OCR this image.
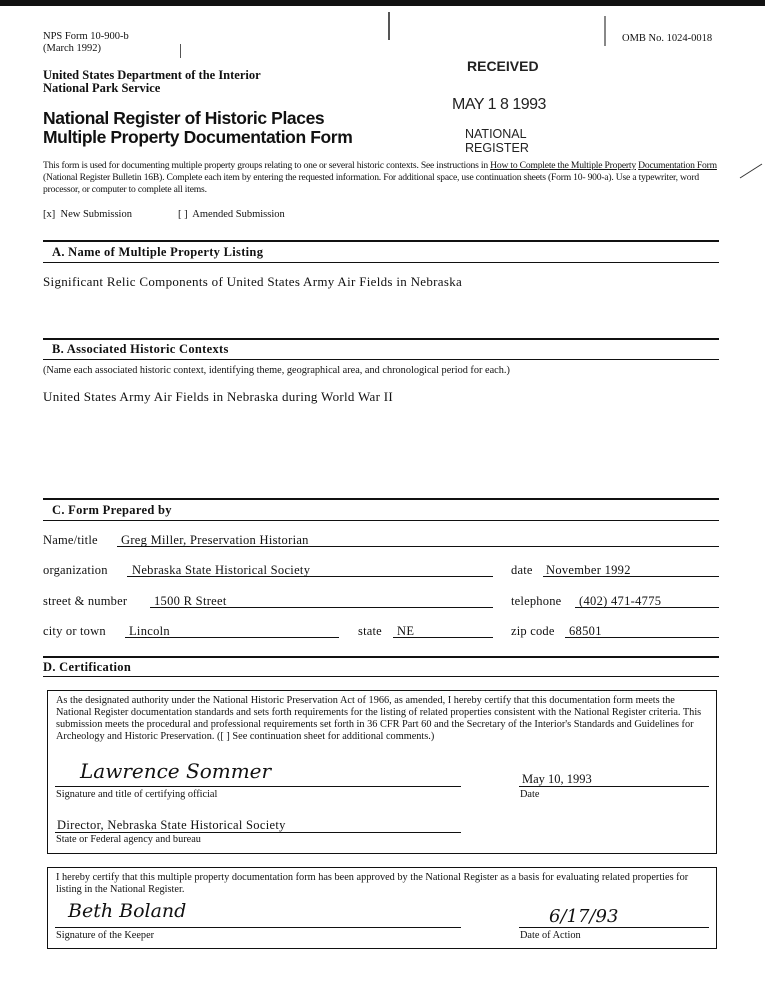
NPS Form 10-900-b
(March 1992)
OMB No. 1024-0018
United States Department of the Interior
National Park Service
National Register of Historic Places
Multiple Property Documentation Form
RECEIVED
MAY 1 8 1993
NATIONAL
REGISTER
This form is used for documenting multiple property groups relating to one or several historic contexts. See instructions in How to Complete the Multiple Property Documentation Form (National Register Bulletin 16B). Complete each item by entering the requested information. For additional space, use continuation sheets (Form 10- 900-a). Use a typewriter, word processor, or computer to complete all items.
[x] New Submission	[ ] Amended Submission
A. Name of Multiple Property Listing
Significant Relic Components of United States Army Air Fields in Nebraska
B. Associated Historic Contexts
(Name each associated historic context, identifying theme, geographical area, and chronological period for each.)
United States Army Air Fields in Nebraska during World War II
C. Form Prepared by
Name/title	Greg Miller, Preservation Historian
organization	Nebraska State Historical Society	date November 1992
street & number	1500 R Street	telephone	(402) 471-4775
city or town	Lincoln	state	NE	zip code	68501
D. Certification
As the designated authority under the National Historic Preservation Act of 1966, as amended, I hereby certify that this documentation form meets the National Register documentation standards and sets forth requirements for the listing of related properties consistent with the National Register criteria. This submission meets the procedural and professional requirements set forth in 36 CFR Part 60 and the Secretary of the Interior's Standards and Guidelines for Archeology and Historic Preservation. ([ ] See continuation sheet for additional comments.)
Lawrence Sommer
Signature and title of certifying official
May 10, 1993
Date
Director, Nebraska State Historical Society
State or Federal agency and bureau
I hereby certify that this multiple property documentation form has been approved by the National Register as a basis for evaluating related properties for listing in the National Register.
Beth Boland
Signature of the Keeper
6/17/93
Date of Action
